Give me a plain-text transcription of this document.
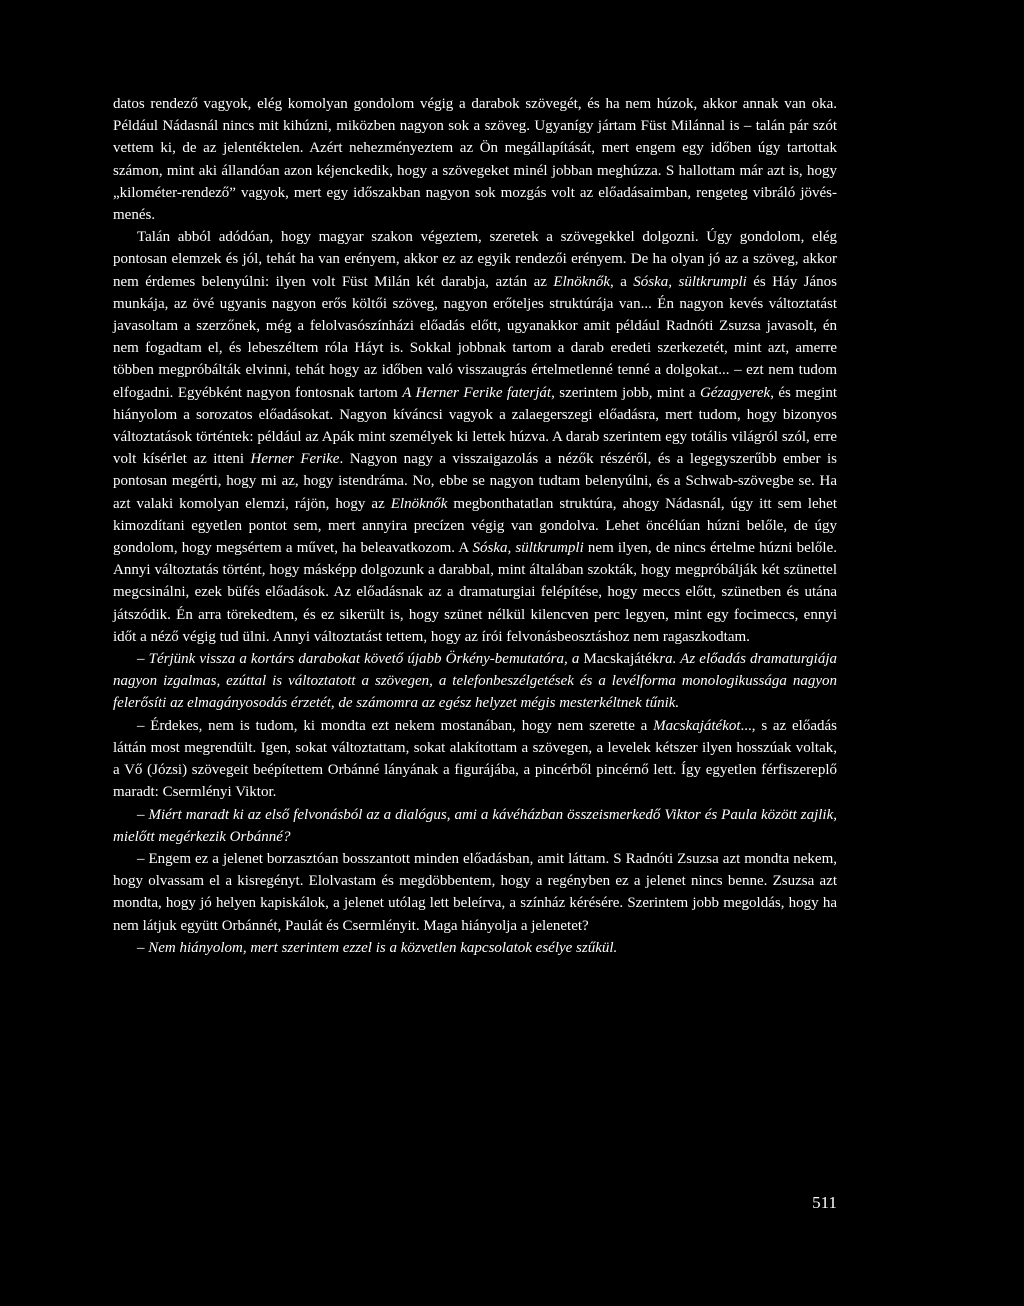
datos rendező vagyok, elég komolyan gondolom végig a darabok szövegét, és ha nem húzok, akkor annak van oka. Például Nádasnál nincs mit kihúzni, miközben nagyon sok a szöveg. Ugyanígy jártam Füst Milánnal is – talán pár szót vettem ki, de az jelentéktelen. Azért nehezményeztem az Ön megállapítását, mert engem egy időben úgy tartottak számon, mint aki állandóan azon kéjenckedik, hogy a szövegeket minél jobban meghúzza. S hallottam már azt is, hogy „kilométer-rendező” vagyok, mert egy időszakban nagyon sok mozgás volt az előadásaimban, rengeteg vibráló jövés-menés.

Talán abból adódóan, hogy magyar szakon végeztem, szeretek a szövegekkel dolgozni. Úgy gondolom, elég pontosan elemzek és jól, tehát ha van erényem, akkor ez az egyik rendezői erényem. De ha olyan jó az a szöveg, akkor nem érdemes belenyúlni: ilyen volt Füst Milán két darabja, aztán az Elnöknők, a Sóska, sültkrumpli és Háy János munkája, az övé ugyanis nagyon erős költői szöveg, nagyon erőteljes struktúrája van... Én nagyon kevés változtatást javasoltam a szerzőnek, még a felolvasószínházi előadás előtt, ugyanakkor amit például Radnóti Zsuzsa javasolt, én nem fogadtam el, és lebeszéltem róla Háyt is. Sokkal jobbnak tartom a darab eredeti szerkezetét, mint azt, amerre többen megpróbálták elvinni, tehát hogy az időben való visszaugrás értelmetlenné tenné a dolgokat... – ezt nem tudom elfogadni. Egyébként nagyon fontosnak tartom A Herner Ferike faterját, szerintem jobb, mint a Gézagyerek, és megint hiányolom a sorozatos előadásokat. Nagyon kíváncsi vagyok a zalaegerszegi előadásra, mert tudom, hogy bizonyos változtatások történtek: például az Apák mint személyek ki lettek húzva. A darab szerintem egy totális világról szól, erre volt kísérlet az itteni Herner Ferike. Nagyon nagy a visszaigazolás a nézők részéről, és a legegyszerűbb ember is pontosan megérti, hogy mi az, hogy istendráma. No, ebbe se nagyon tudtam belenyúlni, és a Schwab-szövegbe se. Ha azt valaki komolyan elemzi, rájön, hogy az Elnöknők megbonthatatlan struktúra, ahogy Nádasnál, úgy itt sem lehet kimozdítani egyetlen pontot sem, mert annyira precízen végig van gondolva. Lehet öncélúan húzni belőle, de úgy gondolom, hogy megsértem a művet, ha beleavatkozom. A Sóska, sültkrumpli nem ilyen, de nincs értelme húzni belőle. Annyi változtatás történt, hogy másképp dolgozunk a darabbal, mint általában szokták, hogy megpróbálják két szünettel megcsinálni, ezek büfés előadások. Az előadásnak az a dramaturgiai felépítése, hogy meccs előtt, szünetben és utána játszódik. Én arra törekedtem, és ez sikerült is, hogy szünet nélkül kilencven perc legyen, mint egy focimeccs, ennyi időt a néző végig tud ülni. Annyi változtatást tettem, hogy az írói felvonásbeosztáshoz nem ragaszkodtam.

– Térjünk vissza a kortárs darabokat követő újabb Örkény-bemutatóra, a Macskajátékra. Az előadás dramaturgiája nagyon izgalmas, ezúttal is változtatott a szövegen, a telefonbeszélgetések és a levélforma monologikussága nagyon felerősíti az elmagányosodás érzetét, de számomra az egész helyzet mégis mesterkéltnek tűnik.

– Érdekes, nem is tudom, ki mondta ezt nekem mostanában, hogy nem szerette a Macskajátékot..., s az előadás láttán most megrendült. Igen, sokat változtattam, sokat alakítottam a szövegen, a levelek kétszer ilyen hosszúak voltak, a Vő (Józsi) szövegeit beépítettem Orbánné lányának a figurájába, a pincérből pincérnő lett. Így egyetlen férfiszereplő maradt: Csermlényi Viktor.

– Miért maradt ki az első felvonásból az a dialógus, ami a kávéházban összeismerkedő Viktor és Paula között zajlik, mielőtt megérkezik Orbánné?

– Engem ez a jelenet borzasztóan bosszantott minden előadásban, amit láttam. S Radnóti Zsuzsa azt mondta nekem, hogy olvassam el a kisregényt. Elolvastam és megdöbbentem, hogy a regényben ez a jelenet nincs benne. Zsuzsa azt mondta, hogy jó helyen kapiskálok, a jelenet utólag lett beleírva, a színház kérésére. Szerintem jobb megoldás, hogy ha nem látjuk együtt Orbánnét, Paulát és Csermlényit. Maga hiányolja a jelenetet?

– Nem hiányolom, mert szerintem ezzel is a közvetlen kapcsolatok esélye szűkül.

511
